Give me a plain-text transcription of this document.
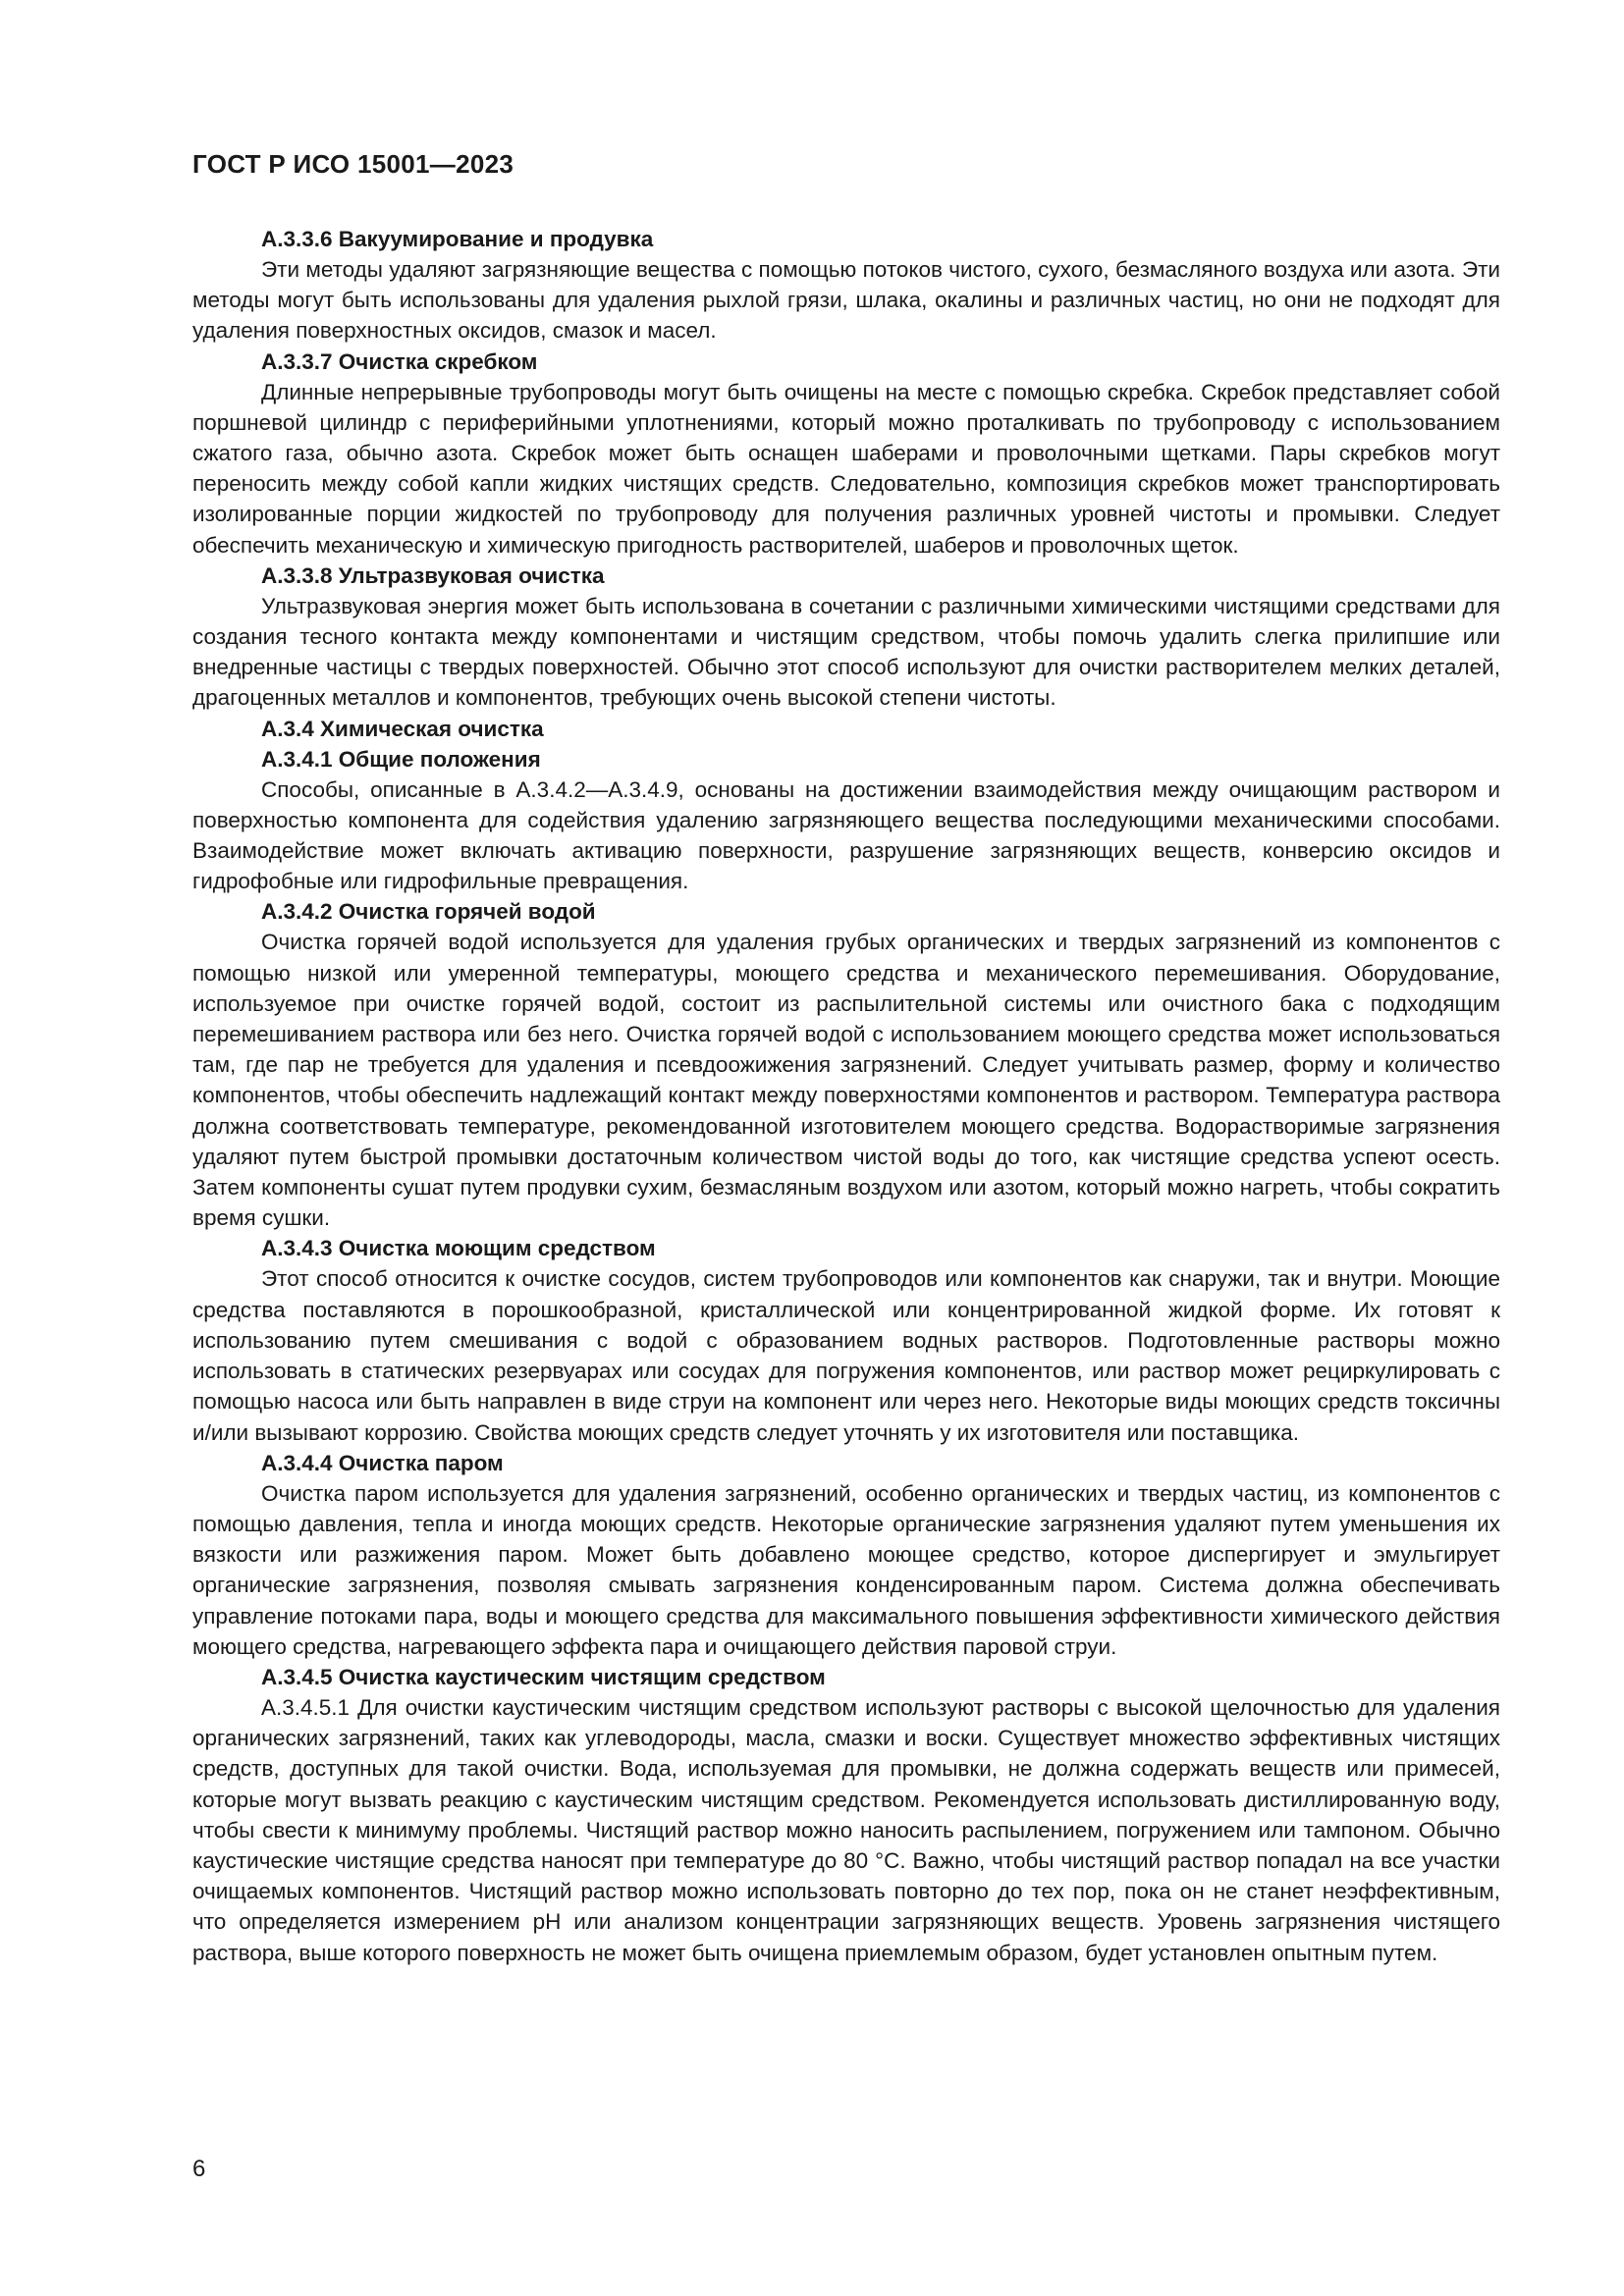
ГОСТ Р ИСО 15001—2023
А.3.3.6 Вакуумирование и продувка

Эти методы удаляют загрязняющие вещества с помощью потоков чистого, сухого, безмасляного воздуха или азота. Эти методы могут быть использованы для удаления рыхлой грязи, шлака, окалины и различных частиц, но они не подходят для удаления поверхностных оксидов, смазок и масел.

А.3.3.7 Очистка скребком

Длинные непрерывные трубопроводы могут быть очищены на месте с помощью скребка. Скребок представляет собой поршневой цилиндр с периферийными уплотнениями, который можно проталкивать по трубопроводу с использованием сжатого газа, обычно азота. Скребок может быть оснащен шаберами и проволочными щетками. Пары скребков могут переносить между собой капли жидких чистящих средств. Следовательно, композиция скребков может транспортировать изолированные порции жидкостей по трубопроводу для получения различных уровней чистоты и промывки. Следует обеспечить механическую и химическую пригодность растворителей, шаберов и проволочных щеток.

А.3.3.8 Ультразвуковая очистка

Ультразвуковая энергия может быть использована в сочетании с различными химическими чистящими средствами для создания тесного контакта между компонентами и чистящим средством, чтобы помочь удалить слегка прилипшие или внедренные частицы с твердых поверхностей. Обычно этот способ используют для очистки растворителем мелких деталей, драгоценных металлов и компонентов, требующих очень высокой степени чистоты.

А.3.4 Химическая очистка
А.3.4.1 Общие положения

Способы, описанные в А.3.4.2—А.3.4.9, основаны на достижении взаимодействия между очищающим раствором и поверхностью компонента для содействия удалению загрязняющего вещества последующими механическими способами. Взаимодействие может включать активацию поверхности, разрушение загрязняющих веществ, конверсию оксидов и гидрофобные или гидрофильные превращения.

А.3.4.2 Очистка горячей водой

Очистка горячей водой используется для удаления грубых органических и твердых загрязнений из компонентов с помощью низкой или умеренной температуры, моющего средства и механического перемешивания. Оборудование, используемое при очистке горячей водой, состоит из распылительной системы или очистного бака с подходящим перемешиванием раствора или без него. Очистка горячей водой с использованием моющего средства может использоваться там, где пар не требуется для удаления и псевдоожижения загрязнений. Следует учитывать размер, форму и количество компонентов, чтобы обеспечить надлежащий контакт между поверхностями компонентов и раствором. Температура раствора должна соответствовать температуре, рекомендованной изготовителем моющего средства. Водорастворимые загрязнения удаляют путем быстрой промывки достаточным количеством чистой воды до того, как чистящие средства успеют осесть. Затем компоненты сушат путем продувки сухим, безмасляным воздухом или азотом, который можно нагреть, чтобы сократить время сушки.

А.3.4.3 Очистка моющим средством

Этот способ относится к очистке сосудов, систем трубопроводов или компонентов как снаружи, так и внутри. Моющие средства поставляются в порошкообразной, кристаллической или концентрированной жидкой форме. Их готовят к использованию путем смешивания с водой с образованием водных растворов. Подготовленные растворы можно использовать в статических резервуарах или сосудах для погружения компонентов, или раствор может рециркулировать с помощью насоса или быть направлен в виде струи на компонент или через него. Некоторые виды моющих средств токсичны и/или вызывают коррозию. Свойства моющих средств следует уточнять у их изготовителя или поставщика.

А.3.4.4 Очистка паром

Очистка паром используется для удаления загрязнений, особенно органических и твердых частиц, из компонентов с помощью давления, тепла и иногда моющих средств. Некоторые органические загрязнения удаляют путем уменьшения их вязкости или разжижения паром. Может быть добавлено моющее средство, которое диспергирует и эмульгирует органические загрязнения, позволяя смывать загрязнения конденсированным паром. Система должна обеспечивать управление потоками пара, воды и моющего средства для максимального повышения эффективности химического действия моющего средства, нагревающего эффекта пара и очищающего действия паровой струи.

А.3.4.5 Очистка каустическим чистящим средством

А.3.4.5.1 Для очистки каустическим чистящим средством используют растворы с высокой щелочностью для удаления органических загрязнений, таких как углеводороды, масла, смазки и воски. Существует множество эффективных чистящих средств, доступных для такой очистки. Вода, используемая для промывки, не должна содержать веществ или примесей, которые могут вызвать реакцию с каустическим чистящим средством. Рекомендуется использовать дистиллированную воду, чтобы свести к минимуму проблемы. Чистящий раствор можно наносить распылением, погружением или тампоном. Обычно каустические чистящие средства наносят при температуре до 80 °С. Важно, чтобы чистящий раствор попадал на все участки очищаемых компонентов. Чистящий раствор можно использовать повторно до тех пор, пока он не станет неэффективным, что определяется измерением pH или анализом концентрации загрязняющих веществ. Уровень загрязнения чистящего раствора, выше которого поверхность не может быть очищена приемлемым образом, будет установлен опытным путем.

6
